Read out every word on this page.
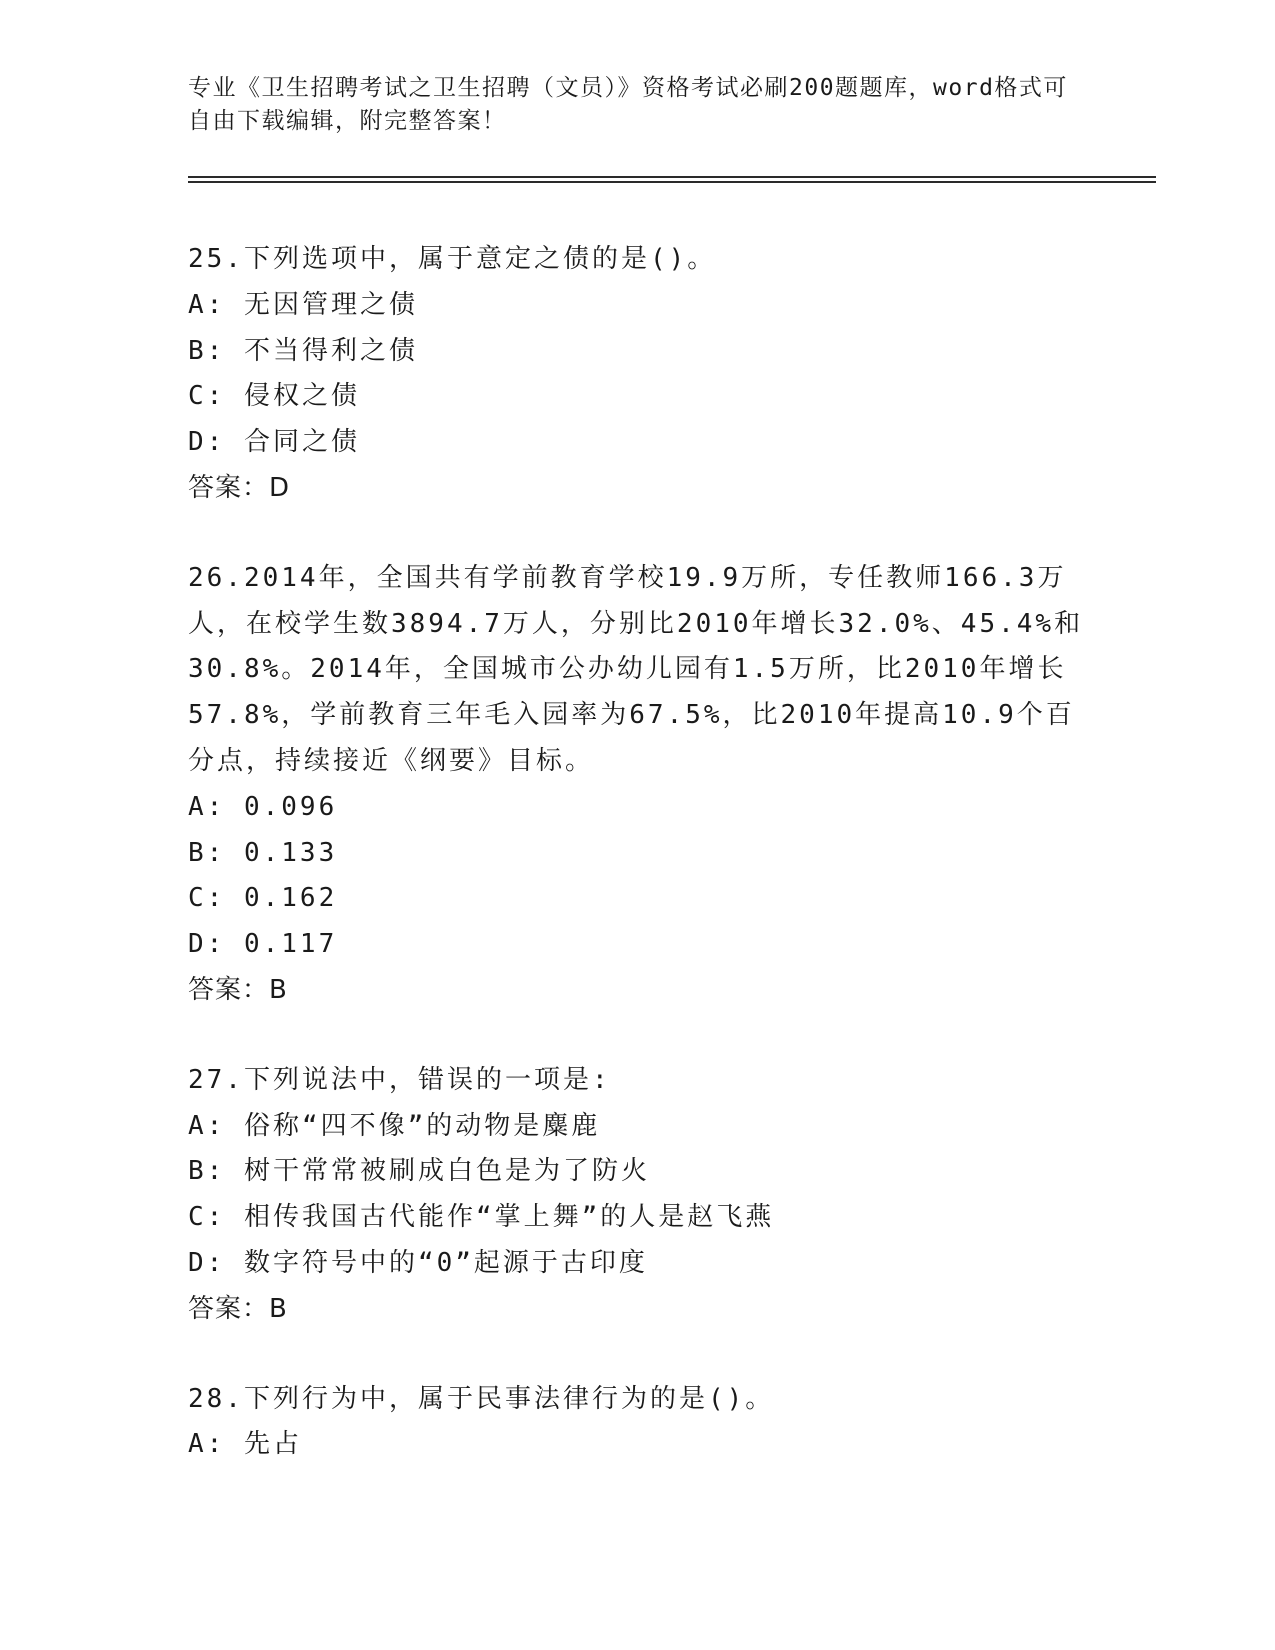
专业《卫生招聘考试之卫生招聘（文员）》资格考试必刷200题题库，word格式可自由下载编辑，附完整答案！
25.下列选项中，属于意定之债的是()。
A: 无因管理之债
B: 不当得利之债
C: 侵权之债
D: 合同之债
答案：D
26.2014年，全国共有学前教育学校19.9万所，专任教师166.3万人，在校学生数3894.7万人，分别比2010年增长32.0%、45.4%和30.8%。2014年，全国城市公办幼儿园有1.5万所，比2010年增长57.8%，学前教育三年毛入园率为67.5%，比2010年提高10.9个百分点，持续接近《纲要》目标。
A: 0.096
B: 0.133
C: 0.162
D: 0.117
答案：B
27.下列说法中，错误的一项是:
A: 俗称“四不像”的动物是麋鹿
B: 树干常常被刷成白色是为了防火
C: 相传我国古代能作“掌上舞”的人是赵飞燕
D: 数字符号中的“0”起源于古印度
答案：B
28.下列行为中，属于民事法律行为的是()。
A: 先占
